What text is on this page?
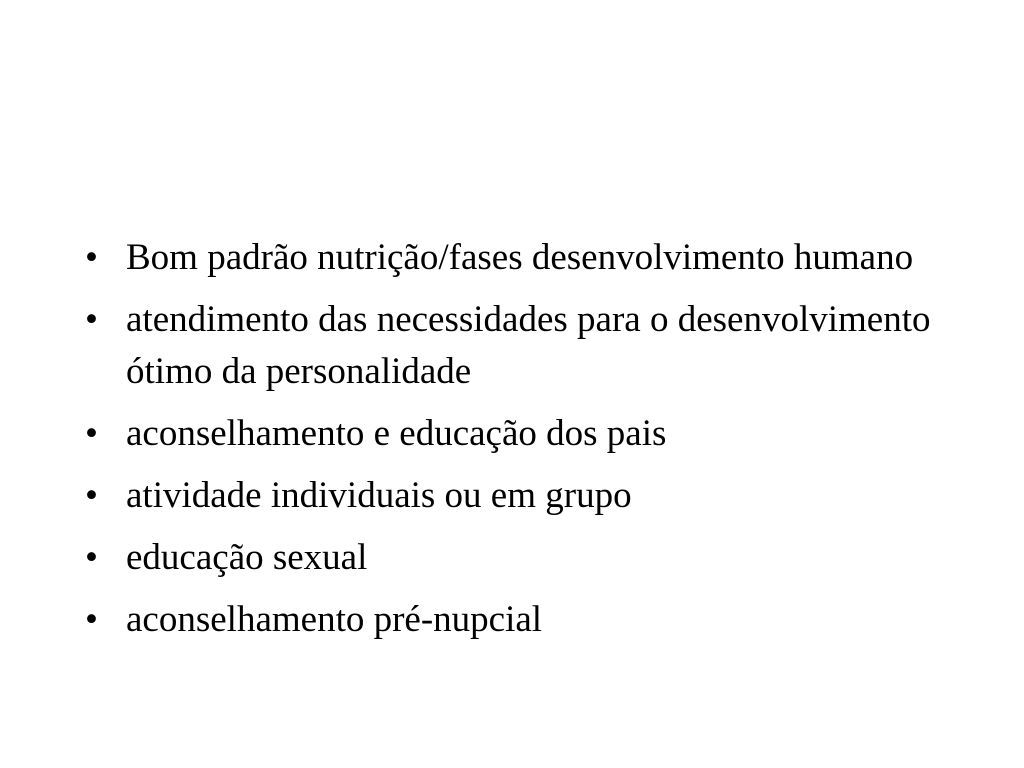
• Bom padrão nutrição/fases desenvolvimento humano
• atendimento das necessidades para o desenvolvimento ótimo da personalidade
• aconselhamento e educação dos pais
• atividade individuais ou em grupo
• educação sexual
• aconselhamento pré-nupcial
